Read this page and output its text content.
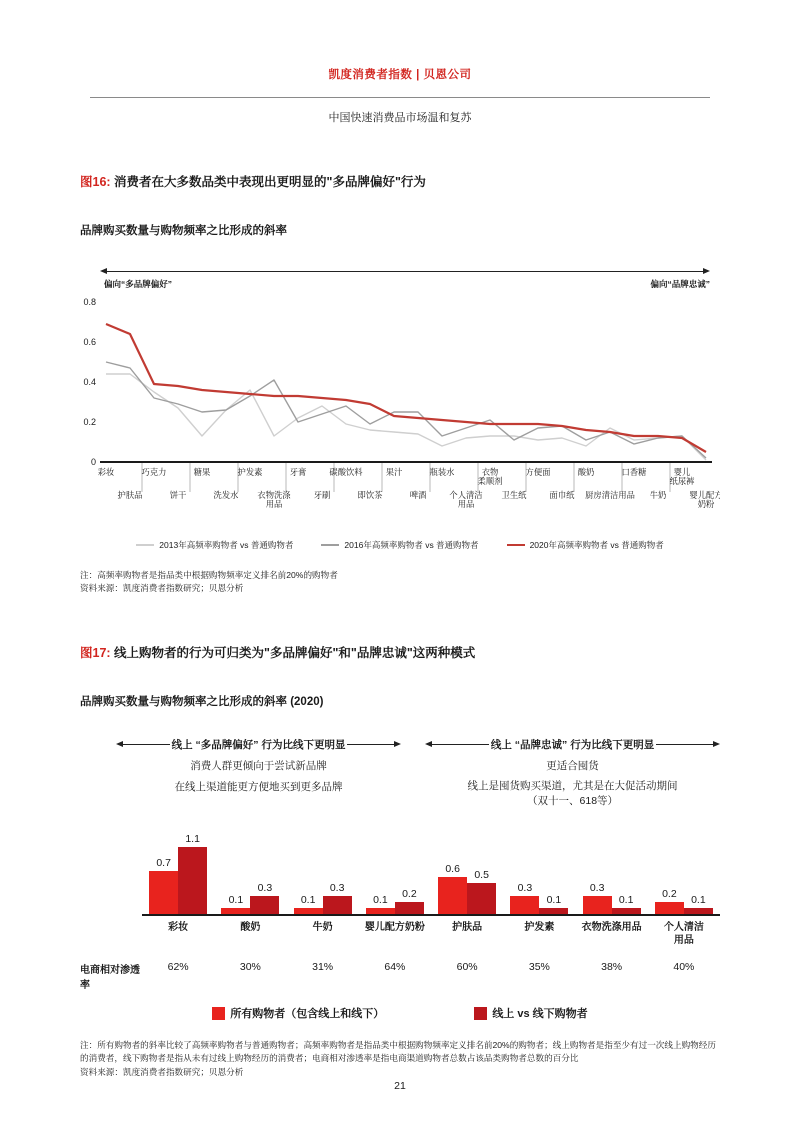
凯度消费者指数 | 贝恩公司
中国快速消费品市场温和复苏
图16: 消费者在大多数品类中表现出更明显的"多品牌偏好"行为
品牌购买数量与购物频率之比形成的斜率
偏向“多品牌偏好”	偏向“品牌忠诚”
0
0.2
0.4
0.6
0.8
彩妆
护肤品
巧克力
饼干
糖果
洗发水
护发素
衣物洗涤用品
牙膏
牙刷
碳酸饮料
即饮茶
果汁
啤酒
瓶装水
个人清洁用品
衣物柔顺剂
卫生纸
方便面
面巾纸
酸奶
厨房清洁用品
口香糖
牛奶
婴儿纸尿裤
婴儿配方奶粉
2013年高频率购物者 vs 普通购物者	2016年高频率购物者 vs 普通购物者	2020年高频率购物者 vs 普通购物者
注：高频率购物者是指品类中根据购物频率定义排名前20%的购物者
资料来源：凯度消费者指数研究；贝恩分析
图17: 线上购物者的行为可归类为"多品牌偏好"和"品牌忠诚"这两种模式
品牌购买数量与购物频率之比形成的斜率 (2020)
线上 “多品牌偏好” 行为比线下更明显
消费人群更倾向于尝试新品牌
在线上渠道能更方便地买到更多品牌
线上 “品牌忠诚” 行为比线下更明显
更适合囤货
线上是囤货购买渠道，尤其是在大促活动期间
（双十一、618等）
0.7
1.1
0.1
0.3
0.1
0.3
0.1	0.2
0.6	0.5
0.3
0.1
0.3
0.1	0.2	0.1
彩妆	酸奶	牛奶	婴儿配方奶粉	护肤品	护发素	衣物洗涤用品	个人清洁
用品
电商相对渗透率
62%	30%	31%	64%	60%	35%	38%	40%
所有购物者（包含线上和线下）	线上 vs 线下购物者
注：所有购物者的斜率比较了高频率购物者与普通购物者；高频率购物者是指品类中根据购物频率定义排名前20%的购物者；线上购物者是指至少有过一次线上购物经历的消费者，线下购物者是指从未有过线上购物经历的消费者；电商相对渗透率是指电商渠道购物者总数占该品类购物者总数的百分比
资料来源：凯度消费者指数研究；贝恩分析
21
